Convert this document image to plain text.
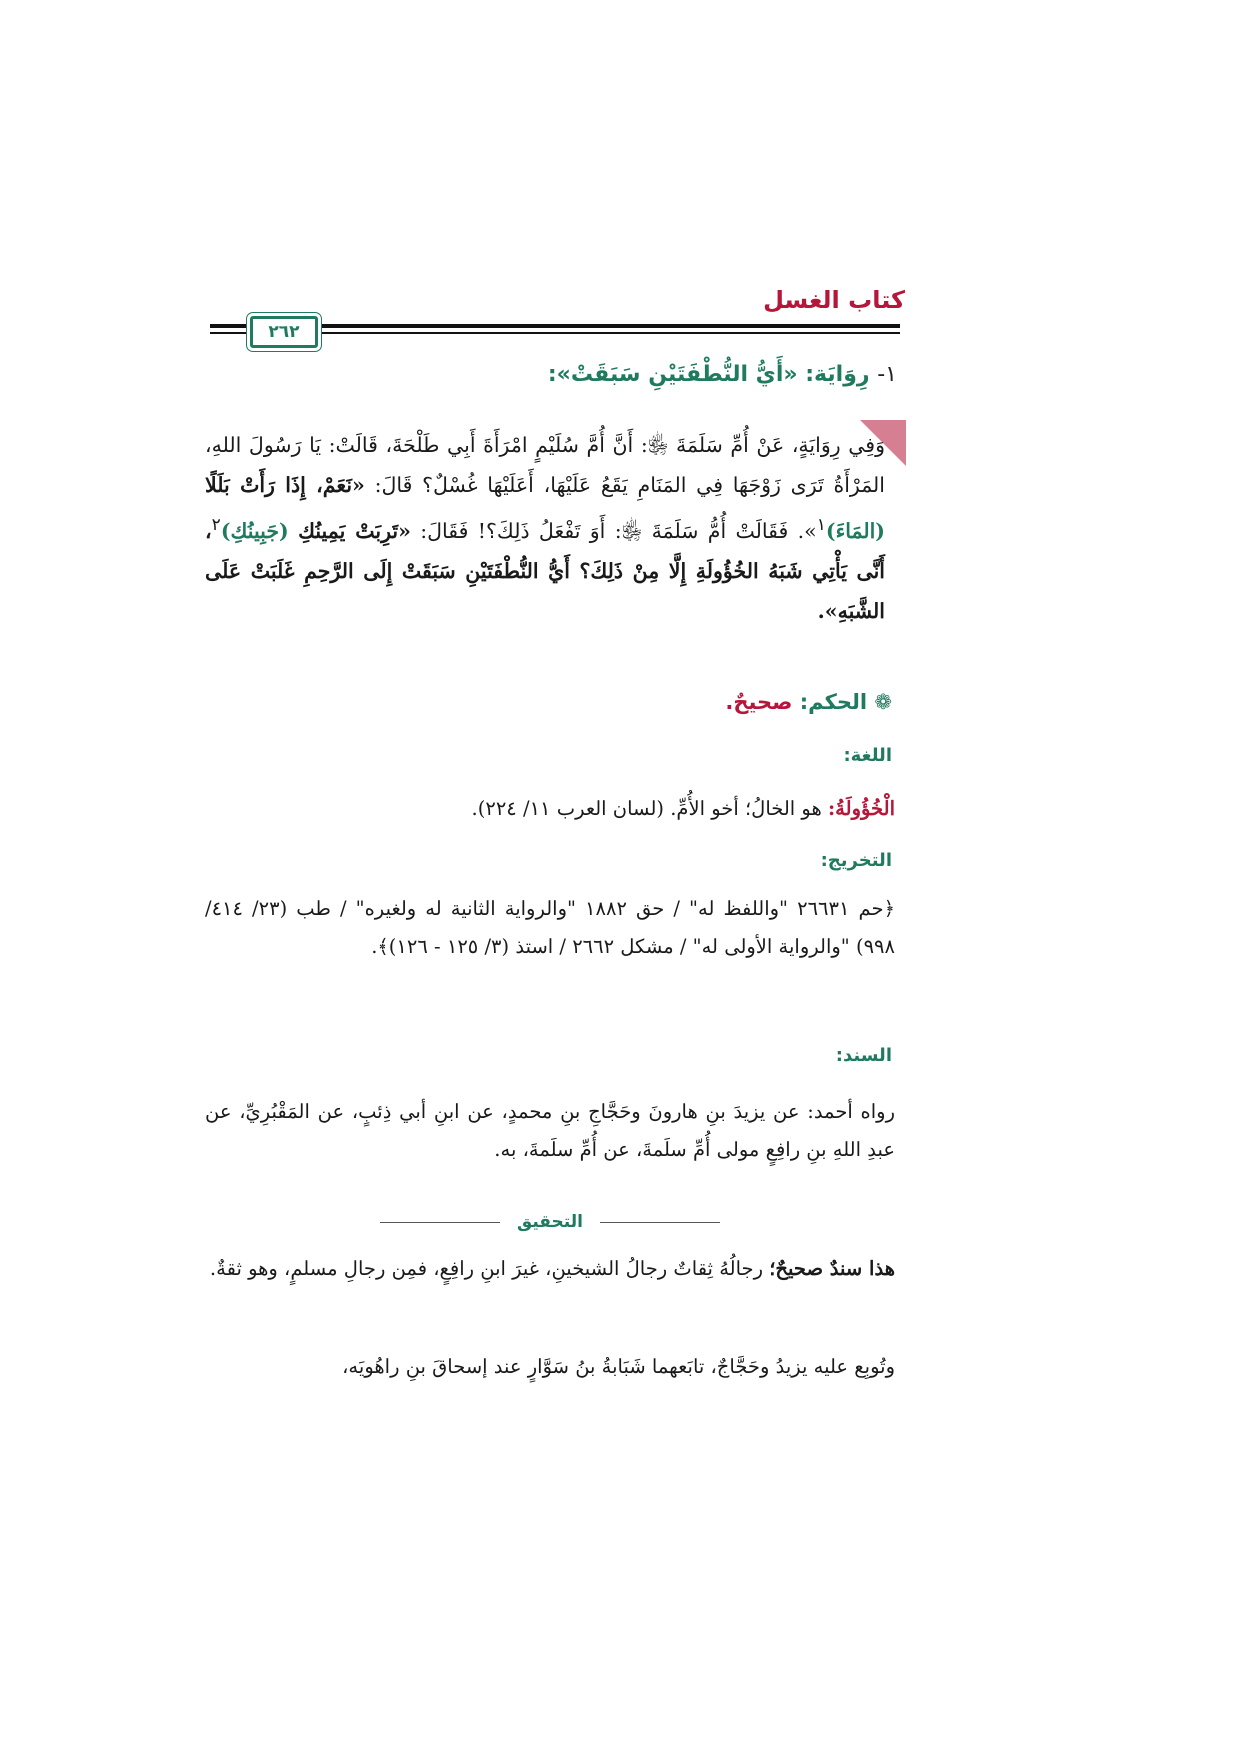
كتاب الغسل
٢٦٢
١- رِوَايَة: «أَيُّ النُّطْفَتَيْنِ سَبَقَتْ»:
وَفِي رِوَايَةٍ، عَنْ أُمِّ سَلَمَةَ ﵂: أَنَّ أُمَّ سُلَيْمٍ امْرَأَةَ أَبِي طَلْحَةَ، قَالَتْ: يَا رَسُولَ اللهِ، المَرْأَةُ تَرَى زَوْجَهَا فِي المَنَامِ يَقَعُ عَلَيْهَا، أَعَلَيْهَا غُسْلٌ؟ قَالَ: «نَعَمْ، إِذَا رَأَتْ بَلَلًا (المَاءَ)$^١$». فَقَالَتْ أُمُّ سَلَمَةَ ﵂: أَوَ تَفْعَلُ ذَلِكَ؟! فَقَالَ: «تَرِبَتْ يَمِينُكِ (جَبِينُكِ)$^٢$، أَنَّى يَأْتِي شَبَهُ الخُؤُولَةِ إِلَّا مِنْ ذَلِكَ؟ أَيُّ النُّطْفَتَيْنِ سَبَقَتْ إِلَى الرَّحِمِ غَلَبَتْ عَلَى الشَّبَهِ».
❁ الحكم: صحيحٌ.
اللغة:
الْخُؤُولَةُ: هو الخالُ؛ أخو الأُمِّ. (لسان العرب ١١/ ٢٢٤).
التخريج:
﴿حم ٢٦٦٣١ "واللفظ له" / حق ١٨٨٢ "والرواية الثانية له ولغيره" / طب (٢٣/ ٤١٤/ ٩٩٨) "والرواية الأولى له" / مشكل ٢٦٦٢ / استذ (٣/ ١٢٥ - ١٢٦)﴾.
السند:
رواه أحمد: عن يزيدَ بنِ هارونَ وحَجَّاجِ بنِ محمدٍ، عن ابنِ أبي ذِئبٍ، عن المَقْبُرِيِّ، عن عبدِ اللهِ بنِ رافِعٍ مولى أُمِّ سلَمةَ، عن أُمِّ سلَمةَ، به.
التحقيق
هذا سندٌ صحيحٌ؛ رجالُهُ ثِقاتٌ رجالُ الشيخينِ، غيرَ ابنِ رافِعٍ، فمِن رجالِ مسلمٍ، وهو ثقةٌ.
وتُوبِع عليه يزيدُ وحَجَّاجٌ، تابَعهما شَبَابةُ بنُ سَوَّارٍ عند إسحاقَ بنِ راهُويَه،
